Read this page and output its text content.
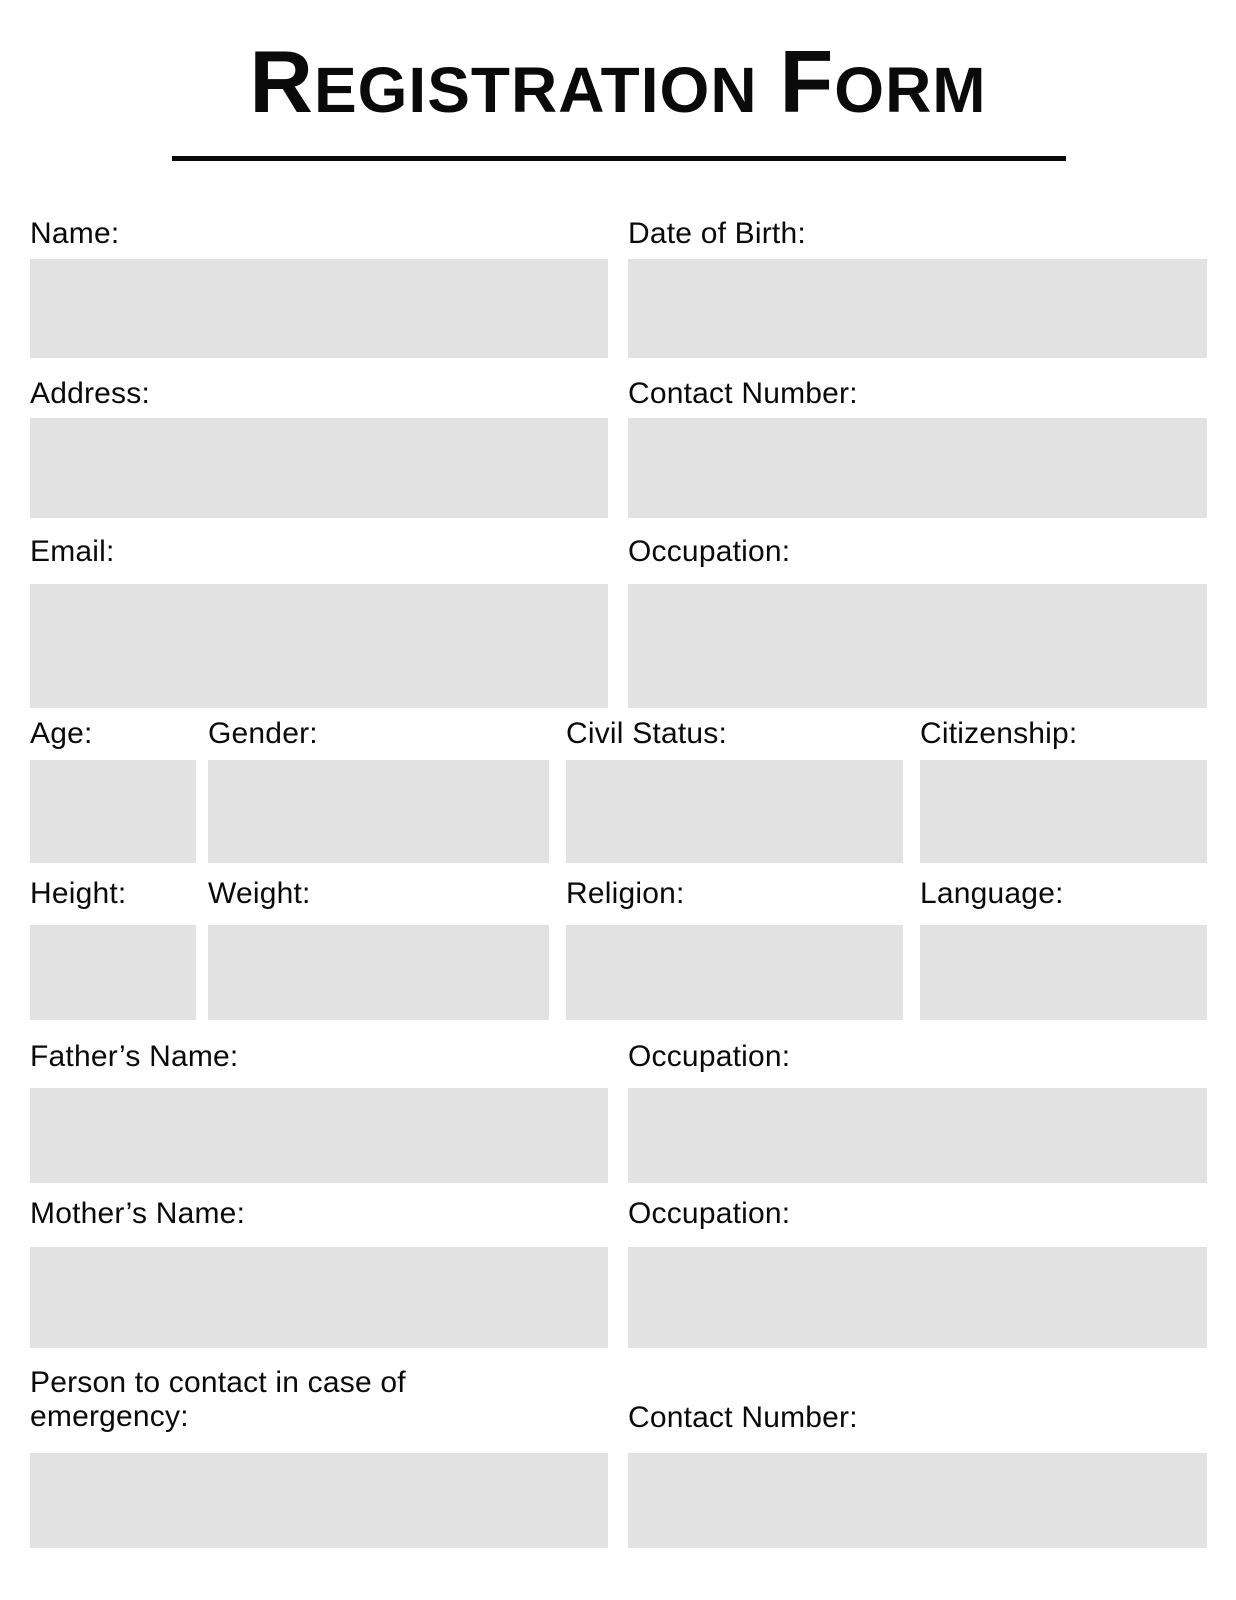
REGISTRATION FORM
Name:	Date of Birth:
Address:	Contact Number:
Email:	Occupation:
Age:	Gender:	Civil Status:	Citizenship:
Height:	Weight:	Religion:	Language:
Father’s Name:	Occupation:
Mother’s Name:	Occupation:
Person to contact in case of emergency:	Contact Number:
